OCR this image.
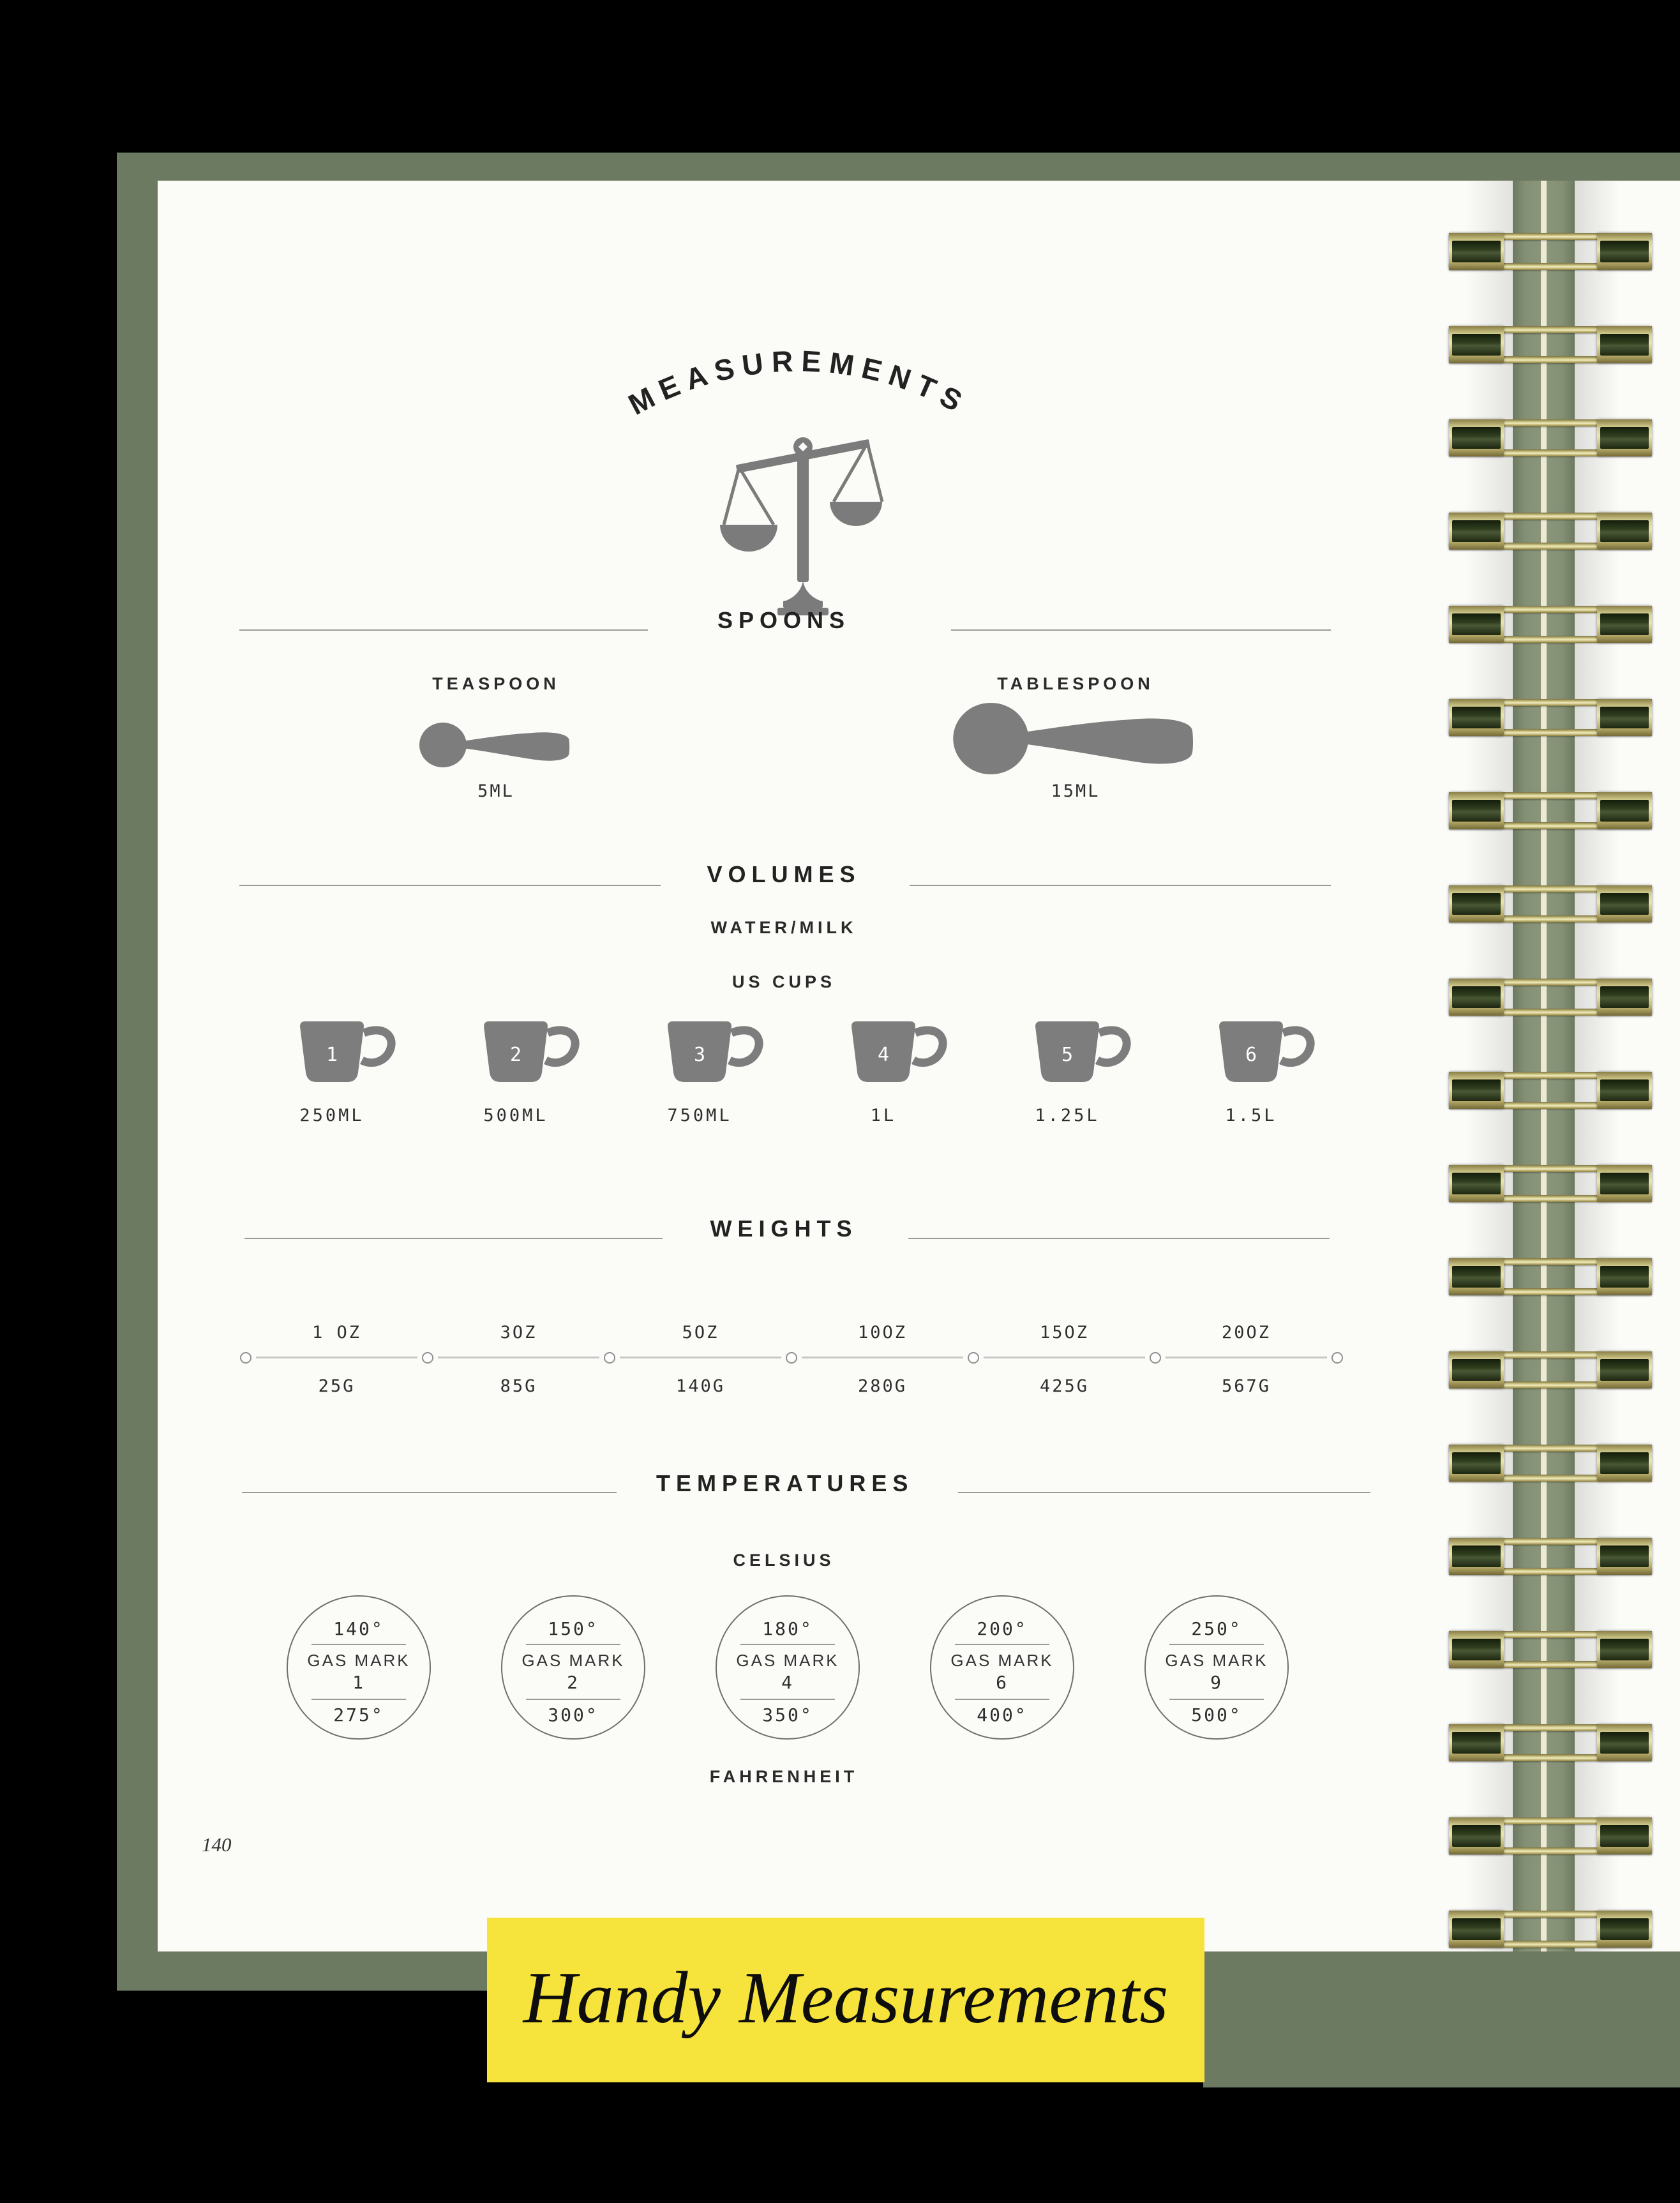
MEASUREMENTS
SPOONS
TEASPOON
5ML
TABLESPOON
15ML
VOLUMES
WATER/MILK
US CUPS
1
250ML
2
500ML
3
750ML
4
1L
5
1.25L
6
1.5L
WEIGHTS
1 OZ
25G
3OZ
85G
5OZ
140G
10OZ
280G
15OZ
425G
20OZ
567G
TEMPERATURES
CELSIUS
140°
GAS MARK
1
275°
150°
GAS MARK
2
300°
180°
GAS MARK
4
350°
200°
GAS MARK
6
400°
250°
GAS MARK
9
500°
FAHRENHEIT
140
Handy Measurements
